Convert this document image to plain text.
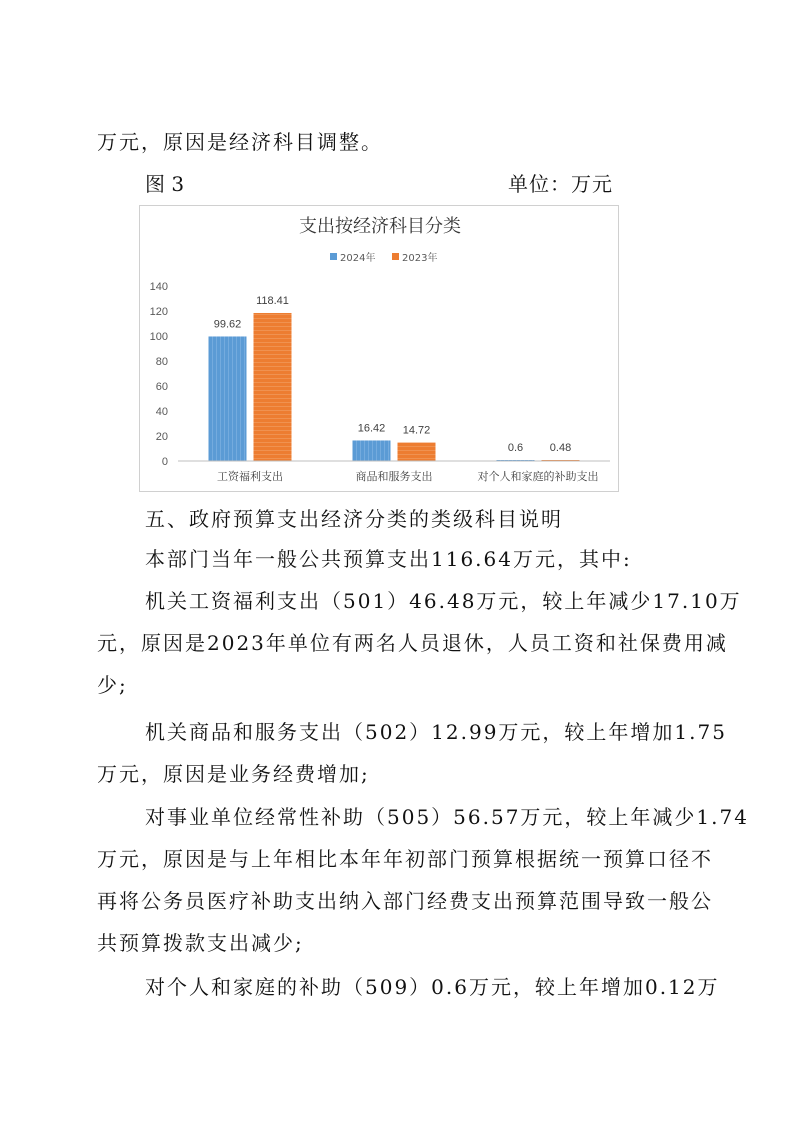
万元，原因是经济科目调整。
图 3	单位：万元
支出按经济科目分类
2024年	2023年
0
20
40
60
80
100
120
140
99.62
118.41
16.42 14.72
0.6 0.48
工资福利支出	商品和服务支出	对个人和家庭的补助支出
五、政府预算支出经济分类的类级科目说明
本部门当年一般公共预算支出116.64万元，其中:
机关工资福利支出（501）46.48万元，较上年减少17.10万
元，原因是2023年单位有两名人员退休，人员工资和社保费用减
少;
机关商品和服务支出（502）12.99万元，较上年增加1.75
万元，原因是业务经费增加;
对事业单位经常性补助（505）56.57万元，较上年减少1.74
万元，原因是与上年相比本年年初部门预算根据统一预算口径不
再将公务员医疗补助支出纳入部门经费支出预算范围导致一般公
共预算拨款支出减少;
对个人和家庭的补助（509）0.6万元，较上年增加0.12万
